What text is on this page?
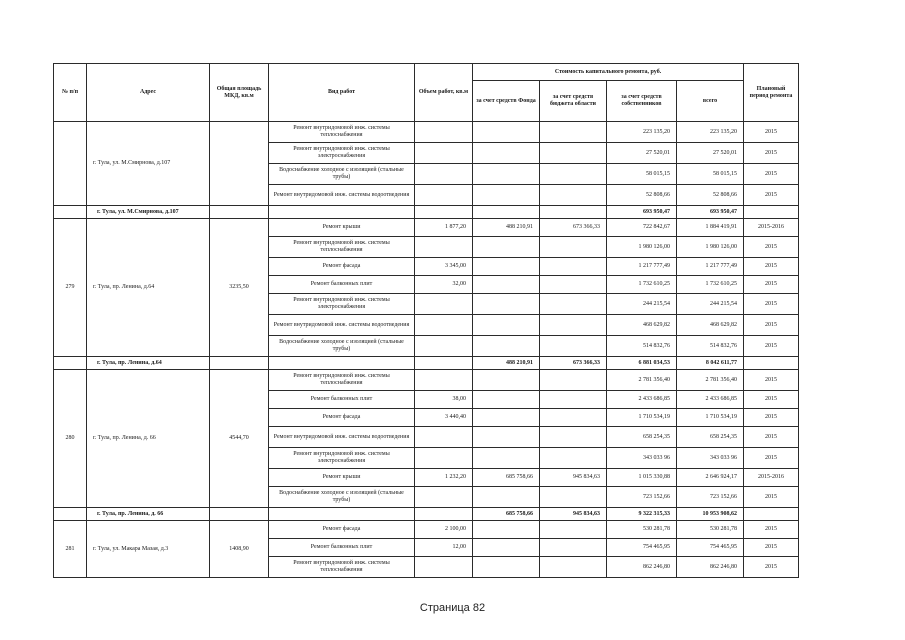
№ п/п	Адрес	Общая площадь МКД, кв.м	Вид работ	Объем работ, кв.м	Стоимость капитального ремонта, руб.				Плановый период ремонта
					за счет средств Фонда	за счет средств бюджета области	за счет средств собственников	всего	
	г. Тула, ул. М.Смирнова, д.107		Ремонт внутридомовой инж. системы теплоснабжения				223 135,20	223 135,20	2015
			Ремонт внутридомовой инж. системы электроснабжения				27 520,01	27 520,01	2015
			Водоснабжение холодное с изоляцией (стальные трубы)				58 015,15	58 015,15	2015
			Ремонт внутридомовой инж. системы водоотведения				52 808,66	52 808,66	2015
	г. Тула, ул. М.Смирнова, д.107						693 950,47	693 950,47	
279	г. Тула, пр. Ленина, д.64	3235,50	Ремонт крыши	1 877,20	488 210,91	673 366,33	722 842,67	1 884 419,91	2015-2016
			Ремонт внутридомовой инж. системы теплоснабжения				1 980 126,00	1 980 126,00	2015
			Ремонт фасада	3 345,00			1 217 777,49	1 217 777,49	2015
			Ремонт балконных плит	32,00			1 732 610,25	1 732 610,25	2015
			Ремонт внутридомовой инж. системы электроснабжения				244 215,54	244 215,54	2015
			Ремонт внутридомовой инж. системы водоотведения				468 629,82	468 629,82	2015
			Водоснабжение холодное с изоляцией (стальные трубы)				514 832,76	514 832,76	2015
	г. Тула, пр. Ленина, д.64				488 210,91	673 366,33	6 881 034,53	8 042 611,77	
280	г. Тула, пр. Ленина, д. 66	4544,70	Ремонт внутридомовой инж. системы теплоснабжения				2 781 356,40	2 781 356,40	2015
			Ремонт балконных плит	38,00			2 433 686,85	2 433 686,85	2015
			Ремонт фасада	3 440,40			1 710 534,19	1 710 534,19	2015
			Ремонт внутридомовой инж. системы водоотведения				658 254,35	658 254,35	2015
			Ремонт внутридомовой инж. системы электроснабжения				343 033 96	343 033 96	2015
			Ремонт крыши	1 232,20	685 758,66	945 834,63	1 015 330,88	2 646 924,17	2015-2016
			Водоснабжение холодное с изоляцией (стальные трубы)				723 152,66	723 152,66	2015
	г. Тула, пр. Ленина, д. 66				685 758,66	945 834,63	9 322 315,33	10 953 908,62	
281	г. Тула, ул. Макара Мазая, д.3	1408,90	Ремонт фасада	2 100,00			530 281,78	530 281,78	2015
			Ремонт балконных плит	12,00			754 465,95	754 465,95	2015
			Ремонт внутридомовой инж. системы теплоснабжения				862 246,80	862 246,80	2015
Страница 82
